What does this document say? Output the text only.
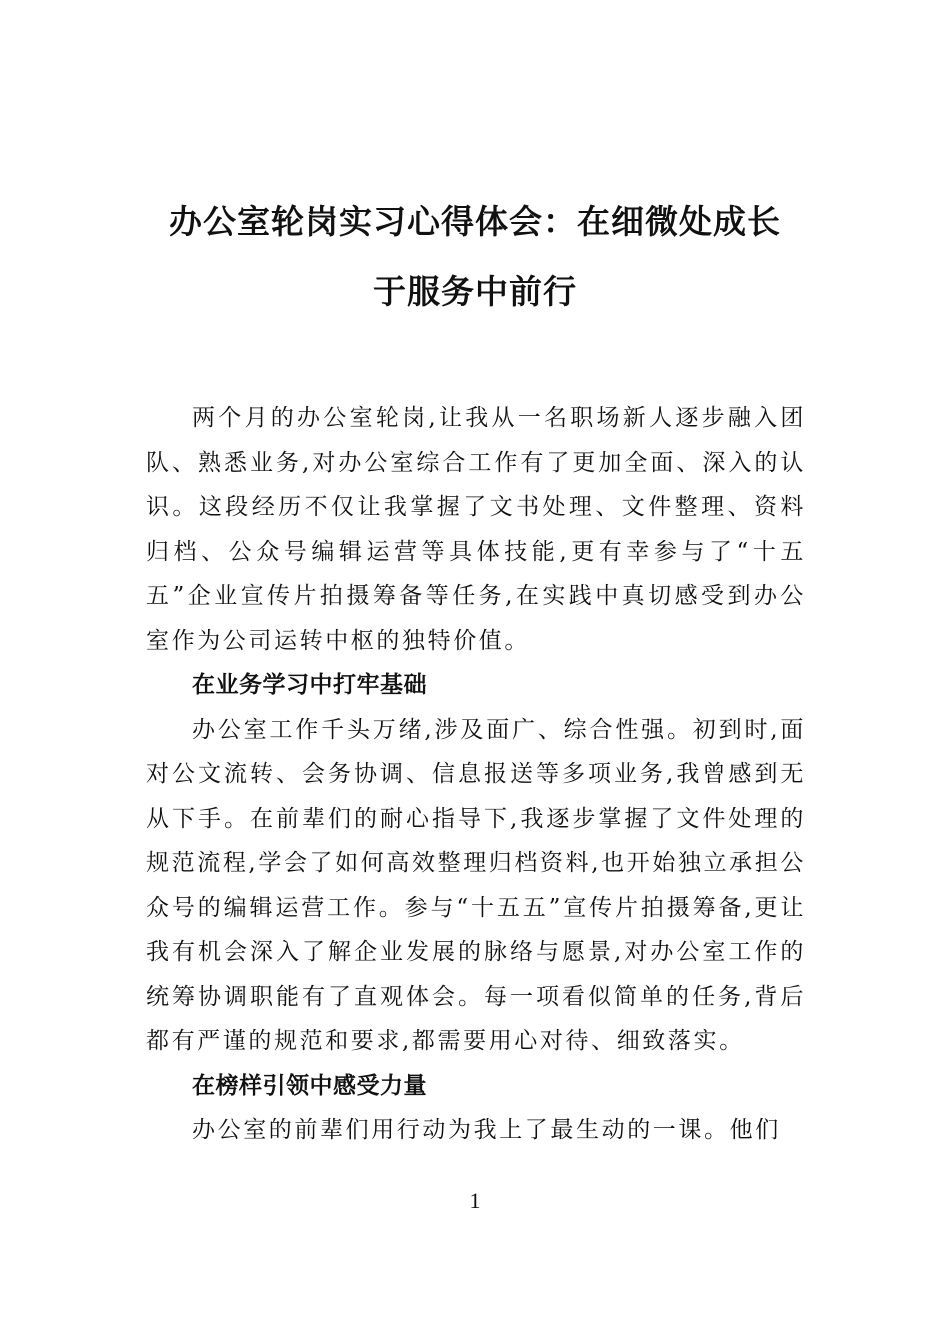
办公室轮岗实习心得体会：在细微处成长
于服务中前行

两个月的办公室轮岗,让我从一名职场新人逐步融入团队、熟悉业务,对办公室综合工作有了更加全面、深入的认识。这段经历不仅让我掌握了文书处理、文件整理、资料归档、公众号编辑运营等具体技能,更有幸参与了“十五五”企业宣传片拍摄筹备等任务,在实践中真切感受到办公室作为公司运转中枢的独特价值。

在业务学习中打牢基础

办公室工作千头万绪,涉及面广、综合性强。初到时,面对公文流转、会务协调、信息报送等多项业务,我曾感到无从下手。在前辈们的耐心指导下,我逐步掌握了文件处理的规范流程,学会了如何高效整理归档资料,也开始独立承担公众号的编辑运营工作。参与“十五五”宣传片拍摄筹备,更让我有机会深入了解企业发展的脉络与愿景,对办公室工作的统筹协调职能有了直观体会。每一项看似简单的任务,背后都有严谨的规范和要求,都需要用心对待、细致落实。

在榜样引领中感受力量

办公室的前辈们用行动为我上了最生动的一课。他们

1
